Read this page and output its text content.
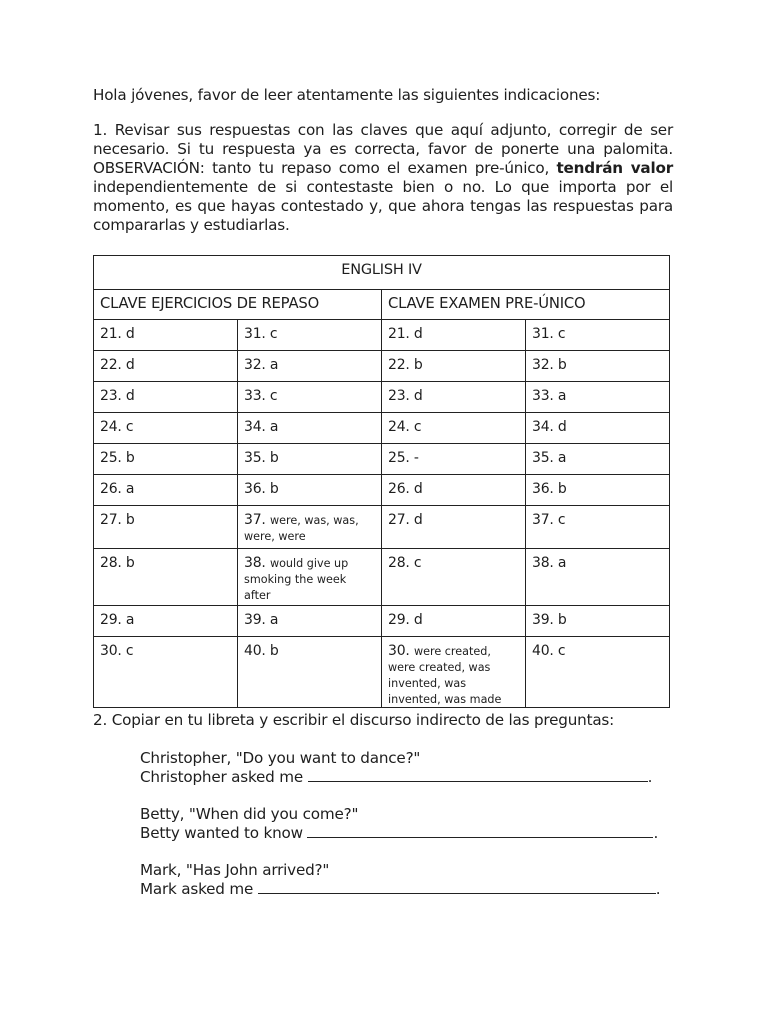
Hola jóvenes, favor de leer atentamente las siguientes indicaciones:
1. Revisar sus respuestas con las claves que aquí adjunto, corregir de ser necesario. Si tu respuesta ya es correcta, favor de ponerte una palomita. OBSERVACIÓN: tanto tu repaso como el examen pre-único, tendrán valor independientemente de si contestaste bien o no. Lo que importa por el momento, es que hayas contestado y, que ahora tengas las respuestas para compararlas y estudiarlas.
ENGLISH IV			
CLAVE EJERCICIOS DE REPASO		CLAVE EXAMEN PRE-ÚNICO	
21. d	31. c	21. d	31. c
22. d	32. a	22. b	32. b
23. d	33. c	23. d	33. a
24. c	34. a	24. c	34. d
25. b	35. b	25. -	35. a
26. a	36. b	26. d	36. b
27. b	37. were, was, was, were, were	27. d	37. c
28. b	38. would give up smoking the week after	28. c	38. a
29. a	39. a	29. d	39. b
30. c	40. b	30. were created, were created, was invented, was invented, was made	40. c
2. Copiar en tu libreta y escribir el discurso indirecto de las preguntas:
Christopher, "Do you want to dance?"
Christopher asked me	.
Betty, "When did you come?"
Betty wanted to know	.
Mark, "Has John arrived?"
Mark asked me	.
